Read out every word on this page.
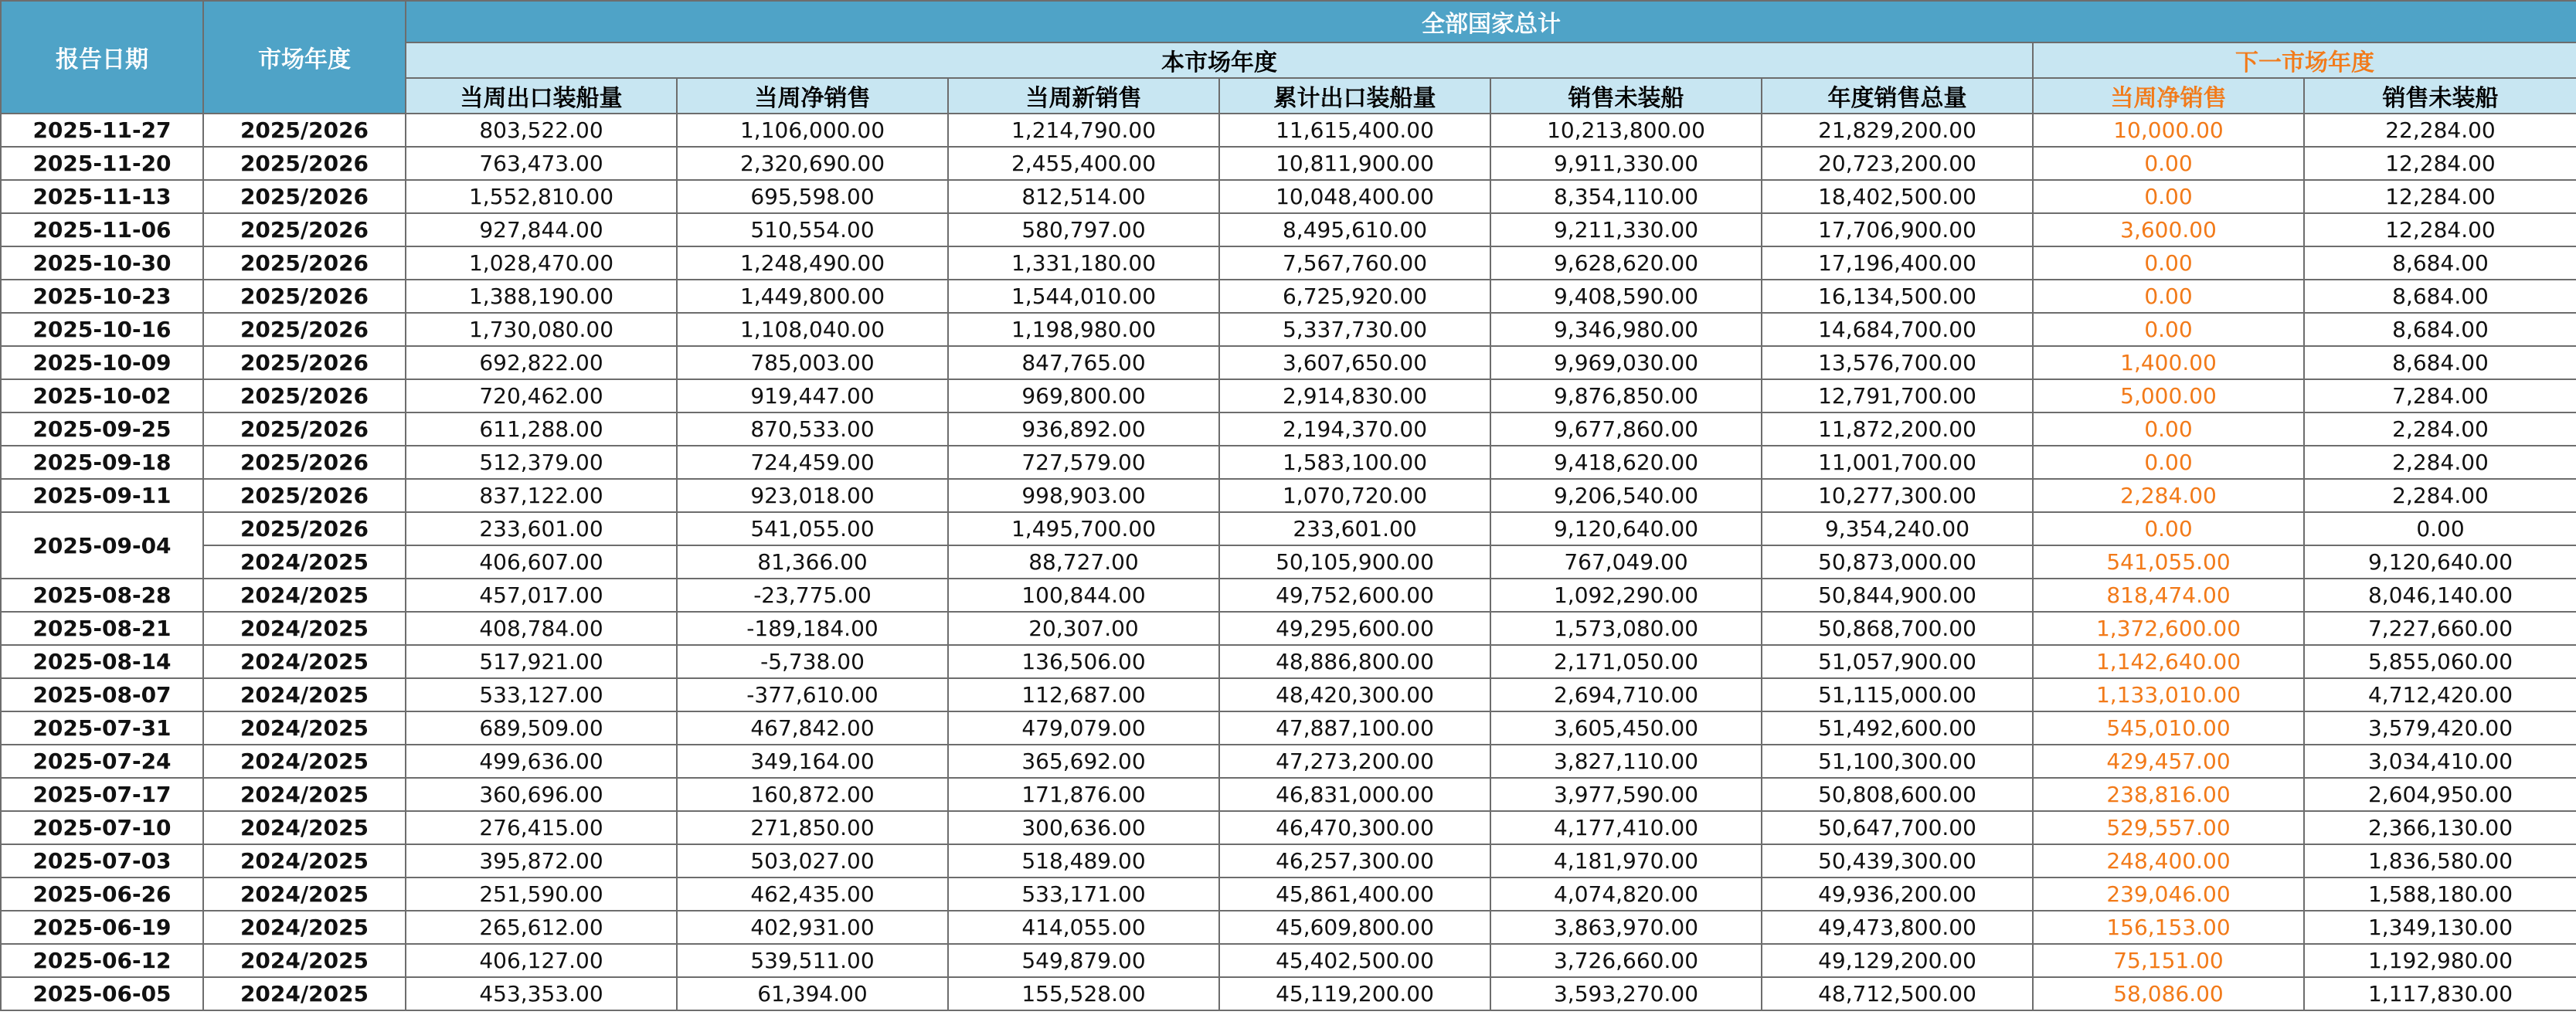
报告日期	市场年度	全部国家总计							
		本市场年度						下一市场年度	
		当周出口装船量	当周净销售	当周新销售	累计出口装船量	销售未装船	年度销售总量	当周净销售	销售未装船
2025-11-27	2025/2026	803,522.00	1,106,000.00	1,214,790.00	11,615,400.00	10,213,800.00	21,829,200.00	10,000.00	22,284.00
2025-11-20	2025/2026	763,473.00	2,320,690.00	2,455,400.00	10,811,900.00	9,911,330.00	20,723,200.00	0.00	12,284.00
2025-11-13	2025/2026	1,552,810.00	695,598.00	812,514.00	10,048,400.00	8,354,110.00	18,402,500.00	0.00	12,284.00
2025-11-06	2025/2026	927,844.00	510,554.00	580,797.00	8,495,610.00	9,211,330.00	17,706,900.00	3,600.00	12,284.00
2025-10-30	2025/2026	1,028,470.00	1,248,490.00	1,331,180.00	7,567,760.00	9,628,620.00	17,196,400.00	0.00	8,684.00
2025-10-23	2025/2026	1,388,190.00	1,449,800.00	1,544,010.00	6,725,920.00	9,408,590.00	16,134,500.00	0.00	8,684.00
2025-10-16	2025/2026	1,730,080.00	1,108,040.00	1,198,980.00	5,337,730.00	9,346,980.00	14,684,700.00	0.00	8,684.00
2025-10-09	2025/2026	692,822.00	785,003.00	847,765.00	3,607,650.00	9,969,030.00	13,576,700.00	1,400.00	8,684.00
2025-10-02	2025/2026	720,462.00	919,447.00	969,800.00	2,914,830.00	9,876,850.00	12,791,700.00	5,000.00	7,284.00
2025-09-25	2025/2026	611,288.00	870,533.00	936,892.00	2,194,370.00	9,677,860.00	11,872,200.00	0.00	2,284.00
2025-09-18	2025/2026	512,379.00	724,459.00	727,579.00	1,583,100.00	9,418,620.00	11,001,700.00	0.00	2,284.00
2025-09-11	2025/2026	837,122.00	923,018.00	998,903.00	1,070,720.00	9,206,540.00	10,277,300.00	2,284.00	2,284.00
2025-09-04	2025/2026	233,601.00	541,055.00	1,495,700.00	233,601.00	9,120,640.00	9,354,240.00	0.00	0.00
	2024/2025	406,607.00	81,366.00	88,727.00	50,105,900.00	767,049.00	50,873,000.00	541,055.00	9,120,640.00
2025-08-28	2024/2025	457,017.00	-23,775.00	100,844.00	49,752,600.00	1,092,290.00	50,844,900.00	818,474.00	8,046,140.00
2025-08-21	2024/2025	408,784.00	-189,184.00	20,307.00	49,295,600.00	1,573,080.00	50,868,700.00	1,372,600.00	7,227,660.00
2025-08-14	2024/2025	517,921.00	-5,738.00	136,506.00	48,886,800.00	2,171,050.00	51,057,900.00	1,142,640.00	5,855,060.00
2025-08-07	2024/2025	533,127.00	-377,610.00	112,687.00	48,420,300.00	2,694,710.00	51,115,000.00	1,133,010.00	4,712,420.00
2025-07-31	2024/2025	689,509.00	467,842.00	479,079.00	47,887,100.00	3,605,450.00	51,492,600.00	545,010.00	3,579,420.00
2025-07-24	2024/2025	499,636.00	349,164.00	365,692.00	47,273,200.00	3,827,110.00	51,100,300.00	429,457.00	3,034,410.00
2025-07-17	2024/2025	360,696.00	160,872.00	171,876.00	46,831,000.00	3,977,590.00	50,808,600.00	238,816.00	2,604,950.00
2025-07-10	2024/2025	276,415.00	271,850.00	300,636.00	46,470,300.00	4,177,410.00	50,647,700.00	529,557.00	2,366,130.00
2025-07-03	2024/2025	395,872.00	503,027.00	518,489.00	46,257,300.00	4,181,970.00	50,439,300.00	248,400.00	1,836,580.00
2025-06-26	2024/2025	251,590.00	462,435.00	533,171.00	45,861,400.00	4,074,820.00	49,936,200.00	239,046.00	1,588,180.00
2025-06-19	2024/2025	265,612.00	402,931.00	414,055.00	45,609,800.00	3,863,970.00	49,473,800.00	156,153.00	1,349,130.00
2025-06-12	2024/2025	406,127.00	539,511.00	549,879.00	45,402,500.00	3,726,660.00	49,129,200.00	75,151.00	1,192,980.00
2025-06-05	2024/2025	453,353.00	61,394.00	155,528.00	45,119,200.00	3,593,270.00	48,712,500.00	58,086.00	1,117,830.00
